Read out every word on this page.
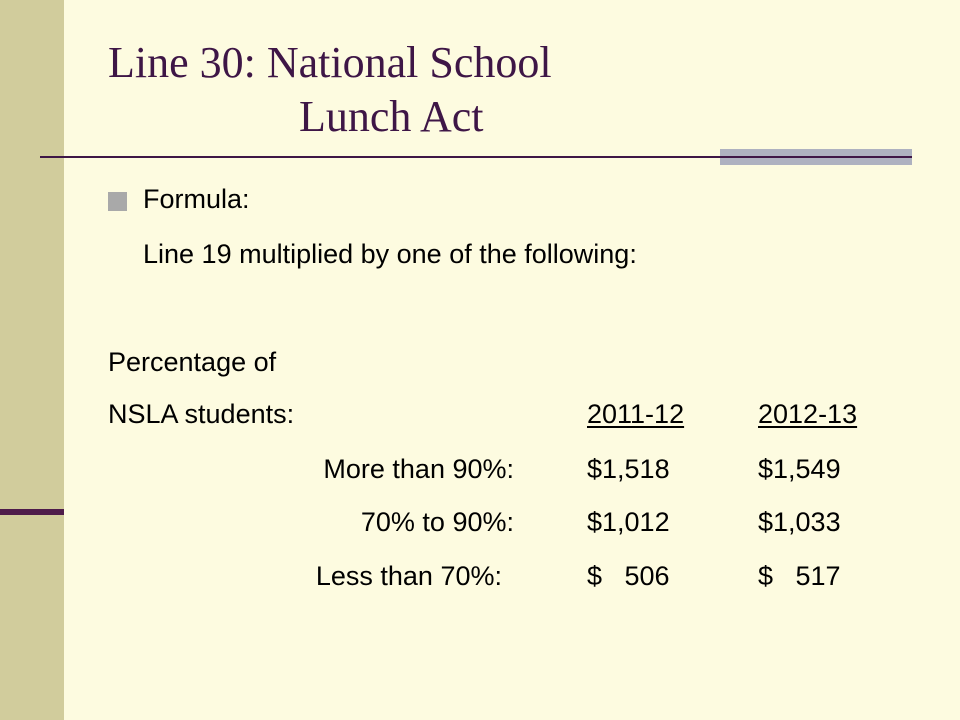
Line 30: National School
Lunch Act
Formula:
Line 19 multiplied by one of the following:
Percentage of
NSLA students:	2011-12	2012-13
More than 90%:	$1,518	$1,549
70% to 90%:	$1,012	$1,033
Less than 70%:	$   506	$   517
